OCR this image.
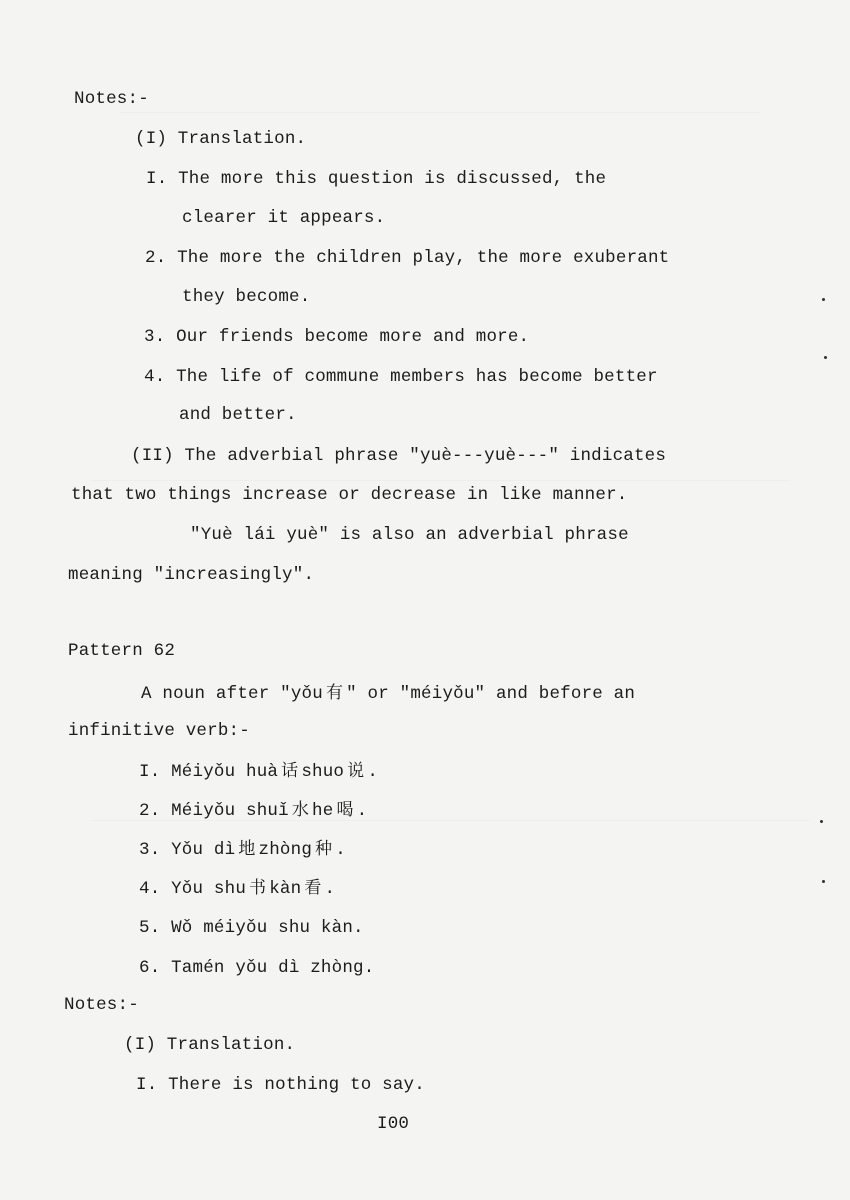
Notes:-
(I) Translation.
I. The more this question is discussed, the
clearer it appears.
2. The more the children play, the more exuberant
they become.
3. Our friends become more and more.
4. The life of commune members has become better
and better.
(II) The adverbial phrase "yuè---yuè---" indicates
that two things increase or decrease in like manner.
"Yuè lái yuè" is also an adverbial phrase
meaning "increasingly".
Pattern 62
A noun after "yǒu 有 " or "méiyǒu" and before an
infinitive verb:-
I. Méiyǒu huà 话 shuo 说 .
2. Méiyǒu shuǐ 水 he 喝 .
3. Yǒu dì 地 zhòng 种 .
4. Yǒu shu 书 kàn 看 .
5. Wǒ méiyǒu shu kàn.
6. Tamén yǒu dì zhòng.
Notes:-
(I) Translation.
I. There is nothing to say.
I00
